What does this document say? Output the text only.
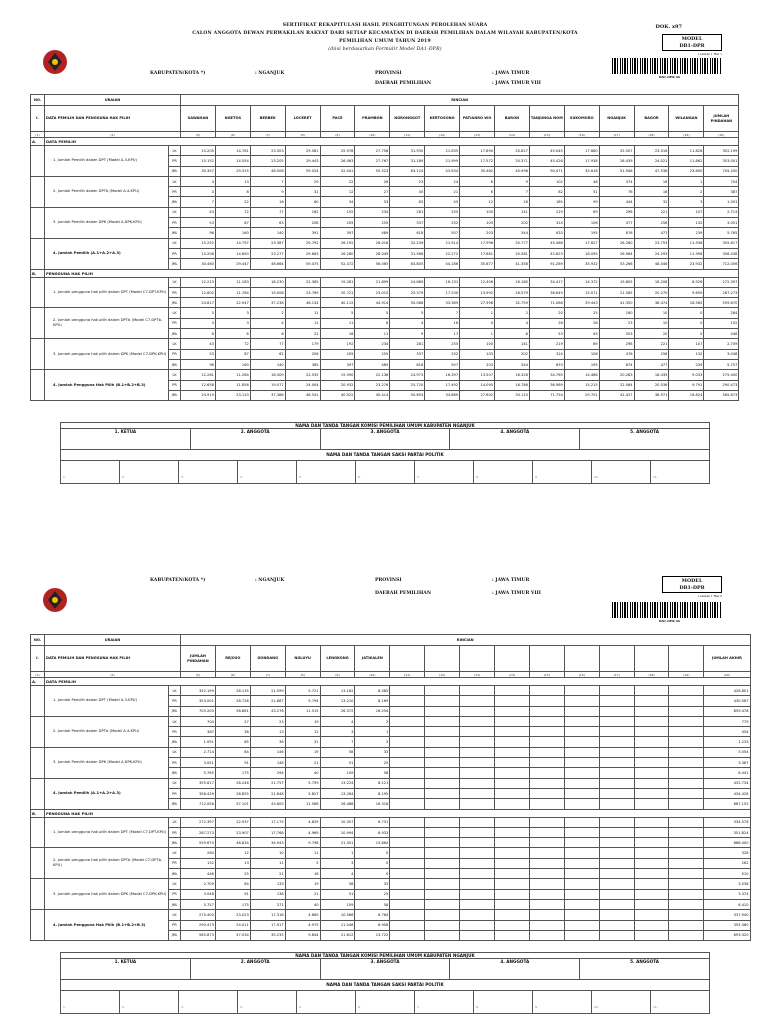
SERTIFIKAT REKAPITULASI HASIL PENGHITUNGAN PEROLEHAN SUARA
CALON ANGGOTA DEWAN PERWAKILAN RAKYAT DARI SETIAP KECAMATAN DI DAERAH PEMILIHAN DALAM WILAYAH KABUPATEN/KOTA
PEMILIHAN UMUM TAHUN 2019
(diisi berdasarkan Formulir Model DA1-DPR)
DOK. x97
MODEL
DB1-DPR
Lembar 1 Hal 1
DB1-DPR-46
KABUPATEN/KOTA *)	: NGANJUK	PROVINSI	: JAWA TIMUR
DAERAH PEMILIHAN	: JAWA TIMUR VIII
NO.	URAIAN		RINCIAN															
I.	DATA PEMILIH DAN PENGGUNA HAK PILIH		SAWAHAN	NGETOS	BERBEK	LOCERET	PACE	PRAMBON	NGRONGGOT	KERTOSONO	PATIANRO WO	BARON	TANJUNGA NOM	SUKOMORO	NGANJUK	BAGOR	WILANGAN	JUMLAH PINDAHAN
(1)	(2)		(5)	(6)	(7)	(8)	(9)	(10)	(11)	(12)	(13)	(14)	(15)	(16)	(17)	(18)	(19)	(20)
A.	DATA PEMILIH																	
	1. Jumlah Pemilih dalam DPT (Model A.3-KPU)	LK	15.205	14.761	23.303	29.581	25.978	27.756	31.935	21.635	17.890	20.627	45.045	17.680	25.507	23.516	11.828	352.199
		PR	15.152	14.554	23.205	29.443	26.063	27.767	31.189	21.999	17.572	20.371	45.426	17.938	26.439	24.021	11.862	353.001
		JML	30.357	29.315	46.508	59.024	52.041	55.523	63.124	43.634	35.462	40.998	90.471	35.618	51.946	47.538	23.690	705.200
	2. Jumlah Pemilih dalam DPTb (Model A.4-KPU)	LK	4	13	7	29	22	26	23	24	6	9	102	48	374	16	1	704
		PR	3	8	9	31	12	27	45	21	6	7	82	51	76	16	2	387
		JML	7	22	16	60	34	53	63	45	12	16	185	99	444	32	3	1.091
	3. Jumlah Pemilih dalam DPK (Model A.DPK-KPU)	LK	43	72	77	162	192	234	281	255	100	141	219	89	298	221	107	2.714
		PR	53	87	63	208	205	255	337	252	103	202	314	106	477	256	132	3.051
		JML	96	160	140	391	397	489	618	507	203	344	633	195	876	477	239	5.765
	4. Jumlah Pemilih (A.1+A.2+A.3)	LK	15.252	14.797	23.387	29.792	26.192	28.016	32.239	21.914	17.996	20.777	45.466	17.627	26.280	23.753	11.936	355.617
		PR	15.208	14.650	23.277	29.683	26.280	28.049	31.566	22.272	17.681	20.581	45.823	18.095	26.984	24.293	11.996	356.438
		JML	30.460	29.447	46.664	59.475	52.472	56.065	63.805	44.186	35.677	41.358	91.289	35.922	53.266	48.046	23.932	712.056
B.	PENGGUNA HAK PILIH																	
	1. Jumlah pengguna hak pilih dalam DPT (Model C7.DPT-KPU)	LK	12.213	11.183	18.230	22.365	19.281	21.899	24.689	16.131	12.406	16.180	34.417	14.372	19.805	18.208	8.926	272.397
		PR	12.602	11.764	19.008	23.769	20.721	23.015	25.379	17.230	13.992	16.579	36.649	15.071	21.585	20.270	9.659	287.273
		JML	24.817	22.947	37.238	46.134	40.112	44.914	50.068	33.365	27.398	32.759	71.066	29.443	41.350	38.474	18.585	559.670
	2. Jumlah pengguna hak pilih dalam DPTb (Model C7.DPTb-KPU)	LK	5	3	2	11	5	5	5	7	1	2	20	25	180	10	0	284
		PR	3	3	4	11	11	6	4	16	0	4	26	28	23	10	0	152
		JML	8	6	6	22	16	11	9	17	1	6	53	63	203	20	0	446
	3. Jumlah pengguna hak pilih dalam DPK (Model C7.DPK-KPU)	LK	43	72	77	179	192	234	281	255	100	141	219	89	298	221	107	2.709
		PR	53	87	62	206	205	255	337	252	103	202	314	106	476	256	132	3.048
		JML	96	160	140	385	397	489	618	507	203	344	633	195	874	477	239	5.757
	4. Jumlah Pengguna Hak Pilih (B.1+B.2+B.3)	LK	12.261	11.264	18.309	22.535	19.590	22.138	24.973	16.397	13.507	16.326	34.765	14.486	20.283	18.435	9.033	275.400
		PR	12.658	11.856	19.077	24.004	20.932	23.276	25.720	17.492	14.095	16.786	36.989	15.215	22.084	20.536	9.791	290.473
		JML	24.919	23.120	37.386	46.541	40.522	45.414	50.693	33.889	27.602	33.110	71.754	29.701	42.427	38.971	18.824	565.873
NAMA DAN TANDA TANGAN KOMISI PEMILIHAN UMUM KABUPATEN NGANJUK
1. KETUA	2. ANGGOTA	3. ANGGOTA	4. ANGGOTA	5. ANGGOTA
NAMA DAN TANDA TANGAN SAKSI PARTAI POLITIK
1.	2.	3.	4.	5.	6.	7.	8.	9.	10.	11.
MODEL
DB1-DPR
Lembar 1 Hal 2
DB1-DPR-46
KABUPATEN/KOTA *)	: NGANJUK	PROVINSI	: JAWA TIMUR
DAERAH PEMILIHAN	: JAWA TIMUR VIII
NO.	URAIAN		RINCIAN															
I.	DATA PEMILIH DAN PENGGUNA HAK PILIH		JUMLAH PINDAHAN	REJOSO	GONDANG	NGLUYU	LENGKONG	JATIKALEN										JUMLAH AKHIR
(1)	(2)		(5)	(6)	(7)	(8)	(9)	(10)	(11)	(12)	(13)	(14)	(15)	(16)	(17)	(18)	(19)	(20)
A.	DATA PEMILIH																	
	1. Jumlah Pemilih dalam DPT (Model A.3-KPU)	LK	352.199	28.135	21.599	5.721	13.162	8.085										428.801
		PR	353.001	28.726	21.687	5.794	13.210	8.169										430.587
		JML	705.200	56.861	43.276	11.515	26.372	16.254										859.478
	2. Jumlah Pemilih dalam DPTb (Model A.4-KPU)	LK	704	27	23	19	4	2										779
		PR	387	38	13	12	3	1										454
		JML	1.091	65	36	31	7	3										1.233
	3. Jumlah Pemilih dalam DPK (Model A.DPK-KPU)	LK	2.714	84	146	19	58	33										3.054
		PR	3.051	91	148	21	51	25										3.387
		JML	5.765	175	294	40	109	58										6.441
	4. Jumlah Pemilih (A.1+A.2+A.3)	LK	355.617	28.246	21.757	5.759	13.224	8.121										432.734
		PR	356.439	28.855	21.848	5.827	13.264	8.195										434.428
		JML	712.056	57.101	43.605	11.586	26.488	16.316										867.152
B.	PENGGUNA HAK PILIH																	
	1. Jumlah pengguna hak pilih dalam DPT (Model C7.DPT-KPU)	LK	272.397	22.937	17.175	4.829	10.357	6.731										334.576
		PR	287.273	23.907	17.768	4.969	10.994	6.933										351.824
		JML	559.670	46.834	34.943	9.798	21.351	13.664										686.400
	2. Jumlah pengguna hak pilih dalam DPTb (Model C7.DPTb-KPU)	LK	284	12	10	11	1	0										328
		PR	152	13	11	5	3	0										262
		JML	446	25	21	16	4	0										510
	3. Jumlah pengguna hak pilih dalam DPK (Model C7.DPK-KPU)	LK	2.709	84	133	19	58	33										3.036
		PR	3.048	91	138	21	51	25										3.374
		JML	5.757	175	271	40	109	58										6.410
	4. Jumlah Pengguna Hak Pilih (B.1+B.2+B.3)	LK	275.400	23.023	17.318	4.869	10.566	6.764										337.940
		PR	290.473	24.011	17.917	4.975	11.046	6.958										355.380
		JML	565.873	47.034	35.235	9.844	21.612	13.722										693.320
NAMA DAN TANDA TANGAN KOMISI PEMILIHAN UMUM KABUPATEN NGANJUK
1. KETUA	2. ANGGOTA	3. ANGGOTA	4. ANGGOTA	5. ANGGOTA
NAMA DAN TANDA TANGAN SAKSI PARTAI POLITIK
1.	2.	3.	4.	5.	6.	7.	8.	9.	10.	11.
